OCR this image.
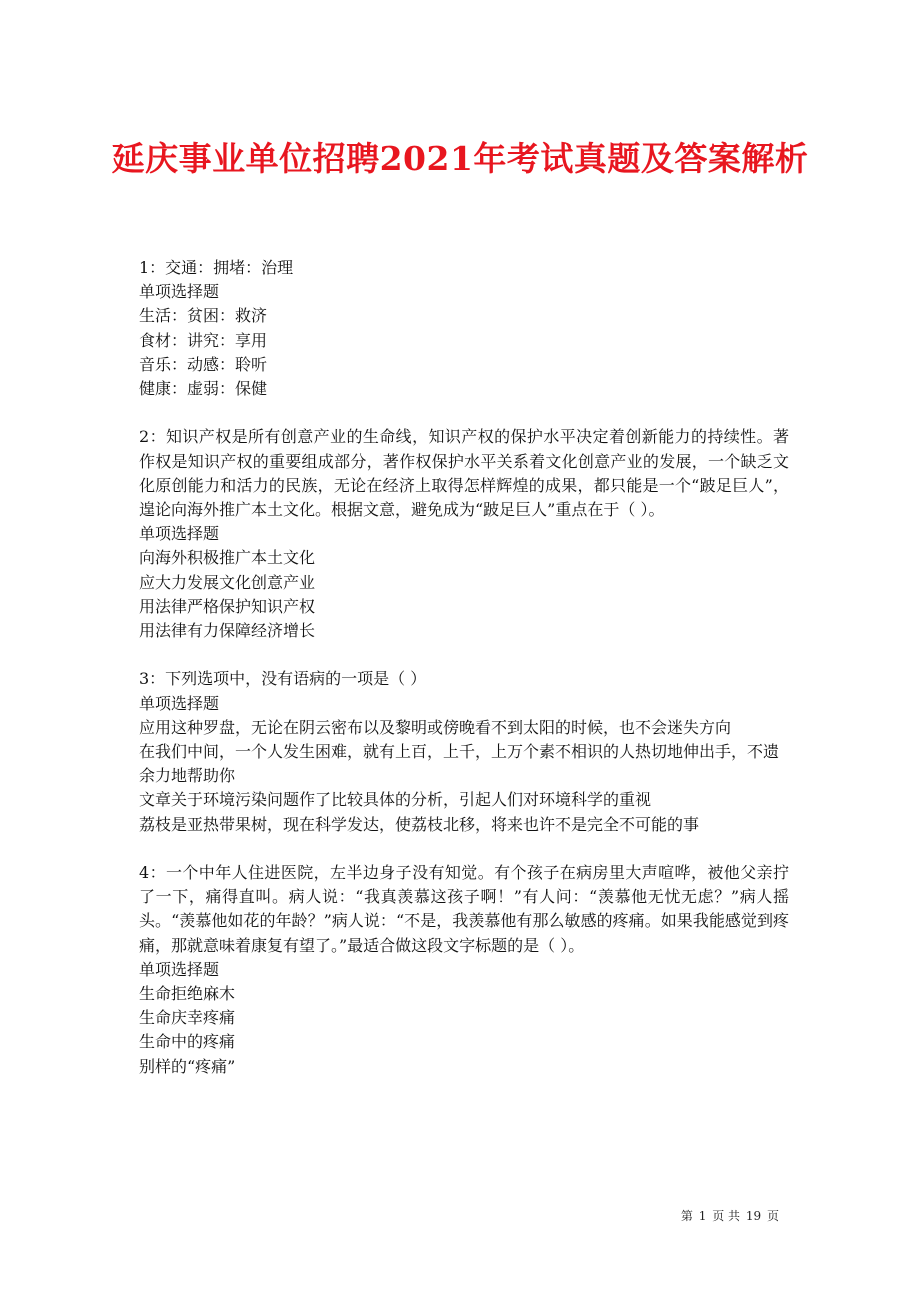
延庆事业单位招聘2021年考试真题及答案解析

1：交通：拥堵：治理

单项选择题

生活：贫困：救济

食材：讲究：享用

音乐：动感：聆听

健康：虚弱：保健

2：知识产权是所有创意产业的生命线，知识产权的保护水平决定着创新能力的持续性。著作权是知识产权的重要组成部分，著作权保护水平关系着文化创意产业的发展，一个缺乏文化原创能力和活力的民族，无论在经济上取得怎样辉煌的成果，都只能是一个“跛足巨人”，遑论向海外推广本土文化。根据文意，避免成为“跛足巨人”重点在于（ ）。

单项选择题

向海外积极推广本土文化

应大力发展文化创意产业

用法律严格保护知识产权

用法律有力保障经济增长

3：下列选项中，没有语病的一项是（ ）

单项选择题

应用这种罗盘，无论在阴云密布以及黎明或傍晚看不到太阳的时候，也不会迷失方向

在我们中间，一个人发生困难，就有上百，上千，上万个素不相识的人热切地伸出手，不遗余力地帮助你

文章关于环境污染问题作了比较具体的分析，引起人们对环境科学的重视

荔枝是亚热带果树，现在科学发达，使荔枝北移，将来也许不是完全不可能的事

4：一个中年人住进医院，左半边身子没有知觉。有个孩子在病房里大声喧哗，被他父亲拧了一下，痛得直叫。病人说：“我真羡慕这孩子啊！”有人问：“羡慕他无忧无虑？”病人摇头。“羡慕他如花的年龄？”病人说：“不是，我羡慕他有那么敏感的疼痛。如果我能感觉到疼痛，那就意味着康复有望了。”最适合做这段文字标题的是（ ）。

单项选择题

生命拒绝麻木

生命庆幸疼痛

生命中的疼痛

别样的“疼痛”

第 1 页 共 19 页
